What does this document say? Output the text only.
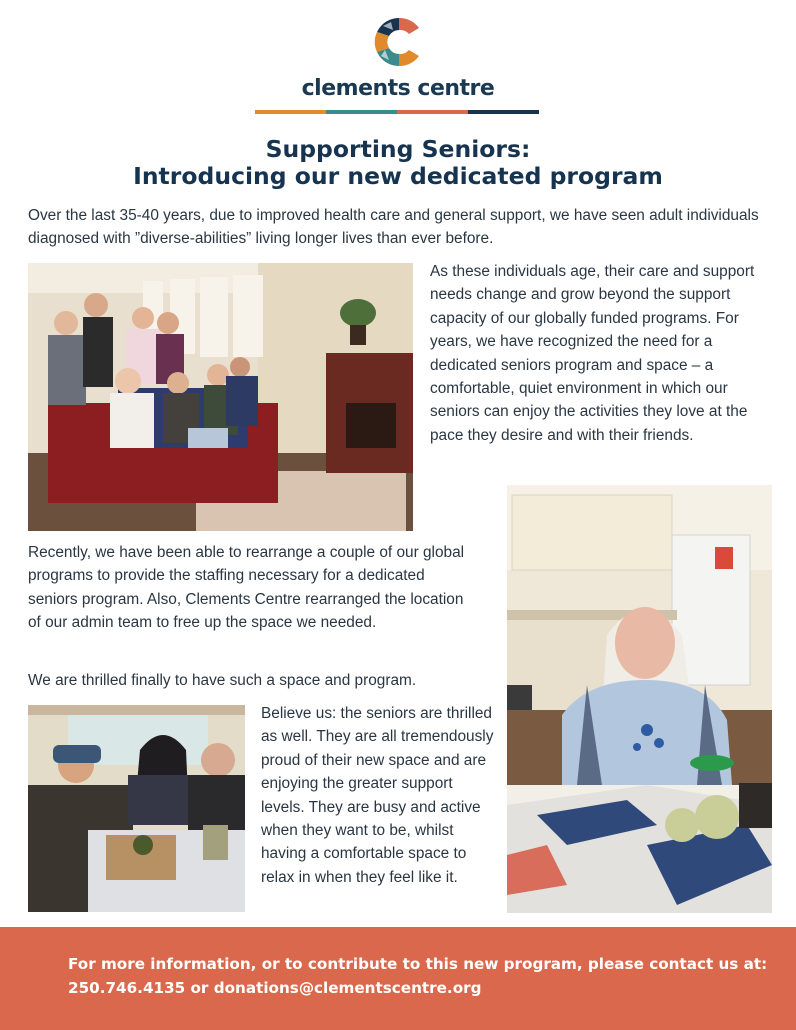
clements centre
Supporting Seniors:
Introducing our new dedicated program

Over the last 35-40 years, due to improved health care and general support, we have seen adult individuals diagnosed with ”diverse-abilities” living longer lives than ever before.

As these individuals age, their care and support needs change and grow beyond the support capacity of our globally funded programs. For years, we have recognized the need for a dedicated seniors program and space – a comfortable, quiet environment in which our seniors can enjoy the activities they love at the pace they desire and with their friends.

Recently, we have been able to rearrange a couple of our global programs to provide the staffing necessary for a dedicated seniors program. Also, Clements Centre rearranged the location of our admin team to free up the space we needed.

We are thrilled finally to have such a space and program.

Believe us: the seniors are thrilled as well. They are all tremendously proud of their new space and are enjoying the greater support levels. They are busy and active when they want to be, whilst having a comfortable space to relax in when they feel like it.

For more information, or to contribute to this new program, please contact us at:
250.746.4135 or donations@clementscentre.org
